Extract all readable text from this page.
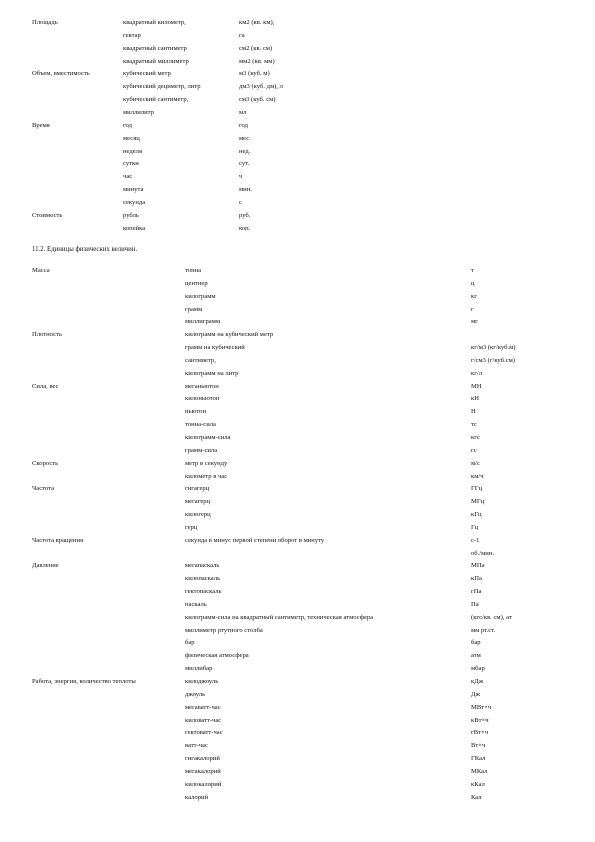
Площадь	квадратный километр,	км2 (кв. км),
	гектар	га
	квадратный сантиметр	см2 (кв. см)
	квадратный миллиметр	мм2 (кв. мм)
Объем, вместимость	кубический метр	м3 (куб. м)
	кубический дециметр, литр	дм3 (куб. дм), л
	кубический сантиметр,	см3 (куб. см)
	миллилитр	мл
Время	год	год
	месяц	мес.
	неделя	нед.
	сутки	сут.
	час	ч
	минута	мин.
	секунда	с
Стоимость	рубль	руб.
	копейка	коп.
11.2. Единицы физических величин.
Масса	тонна	т
	центнер	ц
	килограмм	кг
	грамм	г
	миллиграмм	мг
Плотность	килограмм на кубический метр	
	грамм на кубический	кг/м3 (кг/куб.м)
	сантиметр,	г/см3 (г/куб.см)
	килограмм на литр	кг/л
Сила, вес	меганьютон	МН
	килоньютон	кН
	ньютон	Н
	тонна-сила	тс
	килограмм-сила	кгс
	грамм-сила	гс
Скорость	метр в секунду	м/с
	километр в час	км/ч
Частота	гигагерц	ГГц
	мегагерц	МГц
	килогерц	кГц
	герц	Гц
Частота вращения	секунда в минус первой степени оборот в минуту	с-1
		об./мин.
Давление	мегапаскаль	МПа
	килопаскаль	кПа
	гектопаскаль	гПа
	паскаль	Па
	килограмм-сила на квадратный сантиметр, техническая атмосфера	(кгс/кв. см), ат
	миллиметр ртутного столба	мм рт.ст.
	бар	бар
	физическая атмосфера	атм
	миллибар	мбар
Работа, энергия, количество теплоты	килоджоуль	кДж
	джоуль	Дж
	мегаватт-час	МВт×ч
	киловатт-час	кВт×ч
	гектоватт-час	гВт×ч
	ватт-час	Вт×ч
	гигакалорий	ГКал
	мегакалорий	МКал
	килокалорий	кКал
	калорий	Кал
